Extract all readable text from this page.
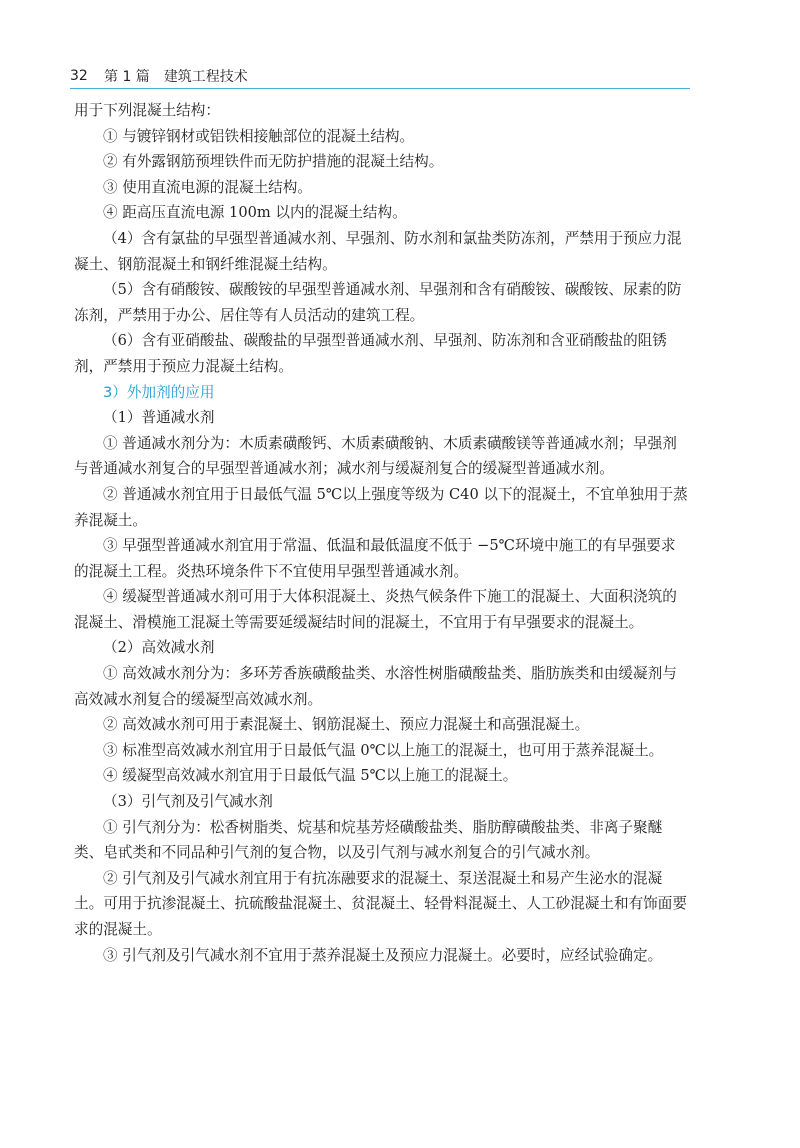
32	第 1 篇 建筑工程技术

用于下列混凝土结构：

① 与镀锌钢材或铝铁相接触部位的混凝土结构。

② 有外露钢筋预埋铁件而无防护措施的混凝土结构。

③ 使用直流电源的混凝土结构。

④ 距高压直流电源 100m 以内的混凝土结构。

（4）含有氯盐的早强型普通减水剂、早强剂、防水剂和氯盐类防冻剂，严禁用于预应力混凝土、钢筋混凝土和钢纤维混凝土结构。

（5）含有硝酸铵、碳酸铵的早强型普通减水剂、早强剂和含有硝酸铵、碳酸铵、尿素的防冻剂，严禁用于办公、居住等有人员活动的建筑工程。

（6）含有亚硝酸盐、碳酸盐的早强型普通减水剂、早强剂、防冻剂和含亚硝酸盐的阻锈剂，严禁用于预应力混凝土结构。

3）外加剂的应用

（1）普通减水剂

① 普通减水剂分为：木质素磺酸钙、木质素磺酸钠、木质素磺酸镁等普通减水剂；早强剂与普通减水剂复合的早强型普通减水剂；减水剂与缓凝剂复合的缓凝型普通减水剂。

② 普通减水剂宜用于日最低气温 5℃以上强度等级为 C40 以下的混凝土，不宜单独用于蒸养混凝土。

③ 早强型普通减水剂宜用于常温、低温和最低温度不低于 −5℃环境中施工的有早强要求的混凝土工程。炎热环境条件下不宜使用早强型普通减水剂。

④ 缓凝型普通减水剂可用于大体积混凝土、炎热气候条件下施工的混凝土、大面积浇筑的混凝土、滑模施工混凝土等需要延缓凝结时间的混凝土，不宜用于有早强要求的混凝土。

（2）高效减水剂

① 高效减水剂分为：多环芳香族磺酸盐类、水溶性树脂磺酸盐类、脂肪族类和由缓凝剂与高效减水剂复合的缓凝型高效减水剂。

② 高效减水剂可用于素混凝土、钢筋混凝土、预应力混凝土和高强混凝土。

③ 标准型高效减水剂宜用于日最低气温 0℃以上施工的混凝土，也可用于蒸养混凝土。

④ 缓凝型高效减水剂宜用于日最低气温 5℃以上施工的混凝土。

（3）引气剂及引气减水剂

① 引气剂分为：松香树脂类、烷基和烷基芳烃磺酸盐类、脂肪醇磺酸盐类、非离子聚醚类、皂甙类和不同品种引气剂的复合物，以及引气剂与减水剂复合的引气减水剂。

② 引气剂及引气减水剂宜用于有抗冻融要求的混凝土、泵送混凝土和易产生泌水的混凝土。可用于抗渗混凝土、抗硫酸盐混凝土、贫混凝土、轻骨料混凝土、人工砂混凝土和有饰面要求的混凝土。

③ 引气剂及引气减水剂不宜用于蒸养混凝土及预应力混凝土。必要时，应经试验确定。
